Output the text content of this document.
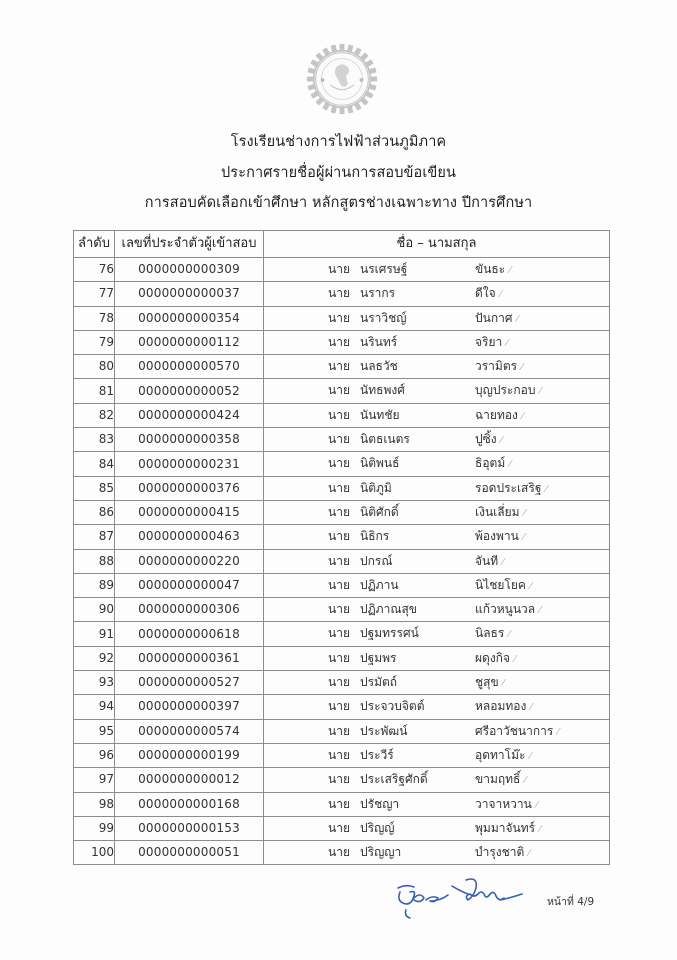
โรงเรียนช่างการไฟฟ้าส่วนภูมิภาค
ประกาศรายชื่อผู้ผ่านการสอบข้อเขียน
การสอบคัดเลือกเข้าศึกษา หลักสูตรช่างเฉพาะทาง ปีการศึกษา
ลำดับ	เลขที่ประจำตัวผู้เข้าสอบ	ชื่อ – นามสกุล
76	0000000000309	นาย นรเศรษฐ์ ขันธะ ⁄

77	0000000000037	นาย นรากร ดีใจ ⁄

78	0000000000354	นาย นราวิชญ์ ปันกาศ ⁄

79	0000000000112	นาย นรินทร์ จริยา ⁄

80	0000000000570	นาย นลธวัช วรามิตร ⁄

81	0000000000052	นาย นัทธพงศ์ บุญประกอบ ⁄

82	0000000000424	นาย นันทชัย ฉายทอง ⁄

83	0000000000358	นาย นิตธเนตร ปูซิ้ง ⁄

84	0000000000231	นาย นิติพนธ์ ธิอุตม์ ⁄

85	0000000000376	นาย นิติภูมิ รอดประเสริฐ ⁄

86	0000000000415	นาย นิติศักดิ์ เงินเลี่ยม ⁄

87	0000000000463	นาย นิธิกร พ้องพาน ⁄

88	0000000000220	นาย ปกรณ์ จันที ⁄

89	0000000000047	นาย ปฏิภาน นิไชยโยค ⁄

90	0000000000306	นาย ปฏิภาณสุข แก้วหนูนวล ⁄

91	0000000000618	นาย ปฐมทรรศน์ นิลธร ⁄

92	0000000000361	นาย ปฐมพร ผดุงกิจ ⁄

93	0000000000527	นาย ปรมัตถ์ ชูสุข ⁄

94	0000000000397	นาย ประจวบจิตต์ หลอมทอง ⁄

95	0000000000574	นาย ประพัฒน์ ศรีอาวัชนาการ ⁄

96	0000000000199	นาย ประวีร์ อุดทาโม๊ะ ⁄

97	0000000000012	นาย ประเสริฐศักดิ์ ขามฤทธิ์ ⁄

98	0000000000168	นาย ปรัชญา วาจาหวาน ⁄

99	0000000000153	นาย ปริญญ์ พุมมาจันทร์ ⁄

100	0000000000051	นาย ปริญญา บำรุงชาติ ⁄
หน้าที่ 4/9
